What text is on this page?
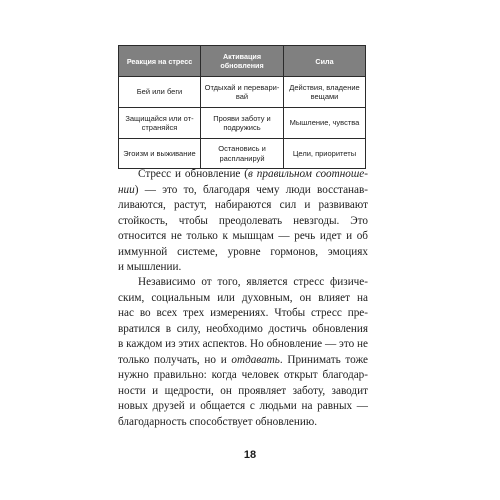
Реакция на стресс	Активация обновления	Сила
Бей или беги	Отдыхай и переваривай	Действия, владение вещами
Защищайся или отстраняйся	Прояви заботу и подружись	Мышление, чувства
Эгоизм и выживание	Остановись и распланируй	Цели, приоритеты
Стресс и обновление (в правильном соотноше-
нии) — это то, благодаря чему люди восстанав-
ливаются, растут, набираются сил и развивают
стойкость, чтобы преодолевать невзгоды. Это
относится не только к мышцам — речь идет и об
иммунной системе, уровне гормонов, эмоциях
и мышлении.
Независимо от того, является стресс физиче-
ским, социальным или духовным, он влияет на
нас во всех трех измерениях. Чтобы стресс пре-
вратился в силу, необходимо достичь обновления
в каждом из этих аспектов. Но обновление — это не
только получать, но и отдавать. Принимать тоже
нужно правильно: когда человек открыт благодар-
ности и щедрости, он проявляет заботу, заводит
новых друзей и общается с людьми на равных —
благодарность способствует обновлению.
18
